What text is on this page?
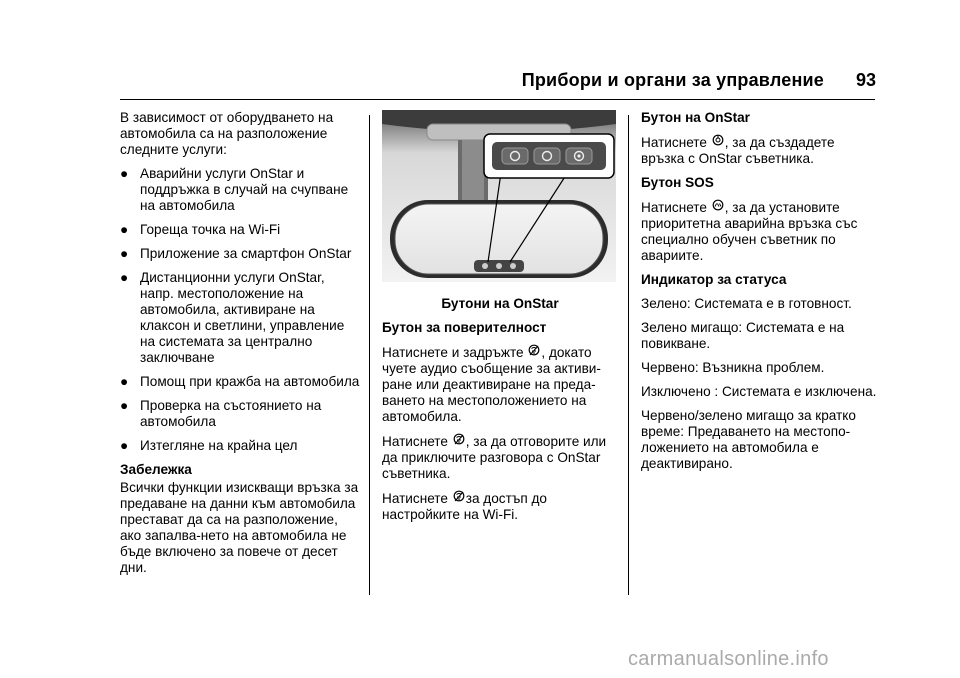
Прибори и органи за управление 93

В зависимост от оборудването на автомобила са на разположение следните услуги:

● Аварийни услуги OnStar и поддръжка в случай на счупване на автомобила
● Гореща точка на Wi-Fi
● Приложение за смартфон OnStar
● Дистанционни услуги OnStar, напр. местоположение на автомобила, активиране на клаксон и светлини, управление на системата за централно заключване
● Помощ при кражба на автомобила
● Проверка на състоянието на автомобила
● Изтегляне на крайна цел
Забележка

Всички функции изискващи връзка за предаване на данни към автомобила престават да са на разположение, ако запалва-нето на автомобила не бъде включено за повече от десет дни.

Бутони на OnStar

Бутон за поверителност

Натиснете и задръжте , докато чуете аудио съобщение за активи-ране или деактивиране на преда-ването на местоположението на автомобила.

Натиснете , за да отговорите или да приключите разговора с OnStar съветника.

Натиснете за достъп до настройките на Wi-Fi.

Бутон на OnStar

Натиснете , за да създадете връзка с OnStar съветника.

Бутон SOS

Натиснете , за да установите приоритетна аварийна връзка със специално обучен съветник по авариите.

Индикатор за статуса

Зелено: Системата е в готовност.

Зелено мигащо: Системата е на повикване.

Червено: Възникна проблем.

Изключено : Системата е изключена.

Червено/зелено мигащо за кратко време: Предаването на местопо-ложението на автомобила е деактивирано.

carmanualsonline.info
